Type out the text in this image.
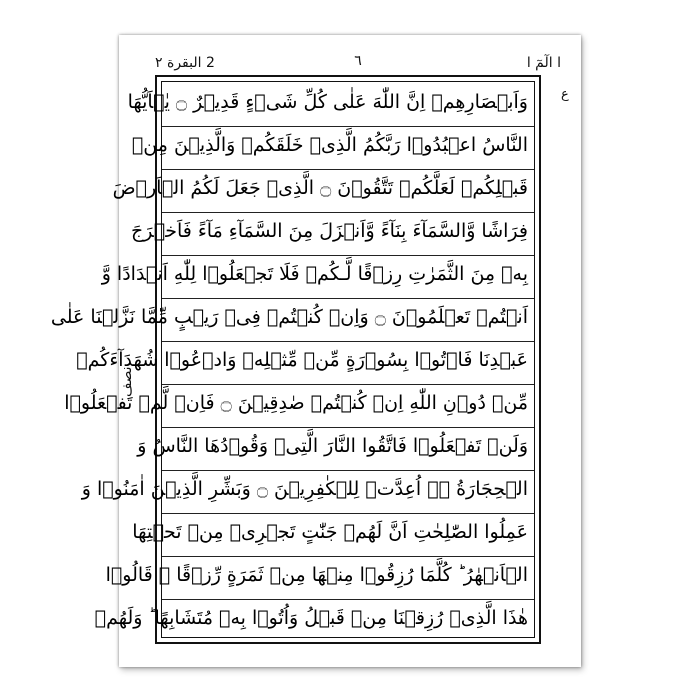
2 البقرة ٢	٦	ا الٓمٓ ا
ع
نصف
وَاَبۡصَارِهِمۡ اِنَّ اللّٰهَ عَلٰى كُلِّ شَىۡءٍ قَدِيۡرٌ ۝ يٰۤاَيُّهَا
النَّاسُ اعۡبُدُوۡا رَبَّكُمُ الَّذِىۡ خَلَقَكُمۡ وَالَّذِيۡنَ مِنۡ
قَبۡلِكُمۡ لَعَلَّكُمۡ تَتَّقُوۡنَ ۝ الَّذِىۡ جَعَلَ لَكُمُ الۡاَرۡضَ
فِرَاشًا وَّالسَّمَآءَ بِنَآءً وَّاَنۡزَلَ مِنَ السَّمَآءِ مَآءً فَاَخۡرَجَ
بِهٖ مِنَ الثَّمَرٰتِ رِزۡقًا لَّـكُمۡ فَلَا تَجۡعَلُوۡا لِلّٰهِ اَنۡدَادًا وَّ
اَنۡتُمۡ تَعۡلَمُوۡنَ ۝ وَاِنۡ كُنۡتُمۡ فِىۡ رَيۡبٍ مِّمَّا نَزَّلۡنَا عَلٰى
عَبۡدِنَا فَاۡتُوۡا بِسُوۡرَةٍ مِّنۡ مِّثۡلِهٖ وَادۡعُوۡا شُهَدَآءَكُمۡ
مِّنۡ دُوۡنِ اللّٰهِ اِنۡ كُنۡتُمۡ صٰدِقِيۡنَ ۝ فَاِنۡ لَّمۡ تَفۡعَلُوۡا
وَلَنۡ تَفۡعَلُوۡا فَاتَّقُوا النَّارَ الَّتِىۡ وَقُوۡدُهَا النَّاسُ وَ
الۡحِجَارَةُ ۖۚ اُعِدَّتۡ لِلۡكٰفِرِيۡنَ ۝ وَبَشِّرِ الَّذِيۡنَ اٰمَنُوۡا وَ
عَمِلُوا الصّٰلِحٰتِ اَنَّ لَهُمۡ جَنّٰتٍ تَجۡرِىۡ مِنۡ تَحۡتِهَا
الۡاَنۡهٰرُ ؕ كُلَّمَا رُزِقُوۡا مِنۡهَا مِنۡ ثَمَرَةٍ رِّزۡقًا ۙ قَالُوۡا
هٰذَا الَّذِىۡ رُزِقۡنَا مِنۡ قَبۡلُ وَاُتُوۡا بِهٖ مُتَشَابِهًا ؕ وَلَهُمۡ
